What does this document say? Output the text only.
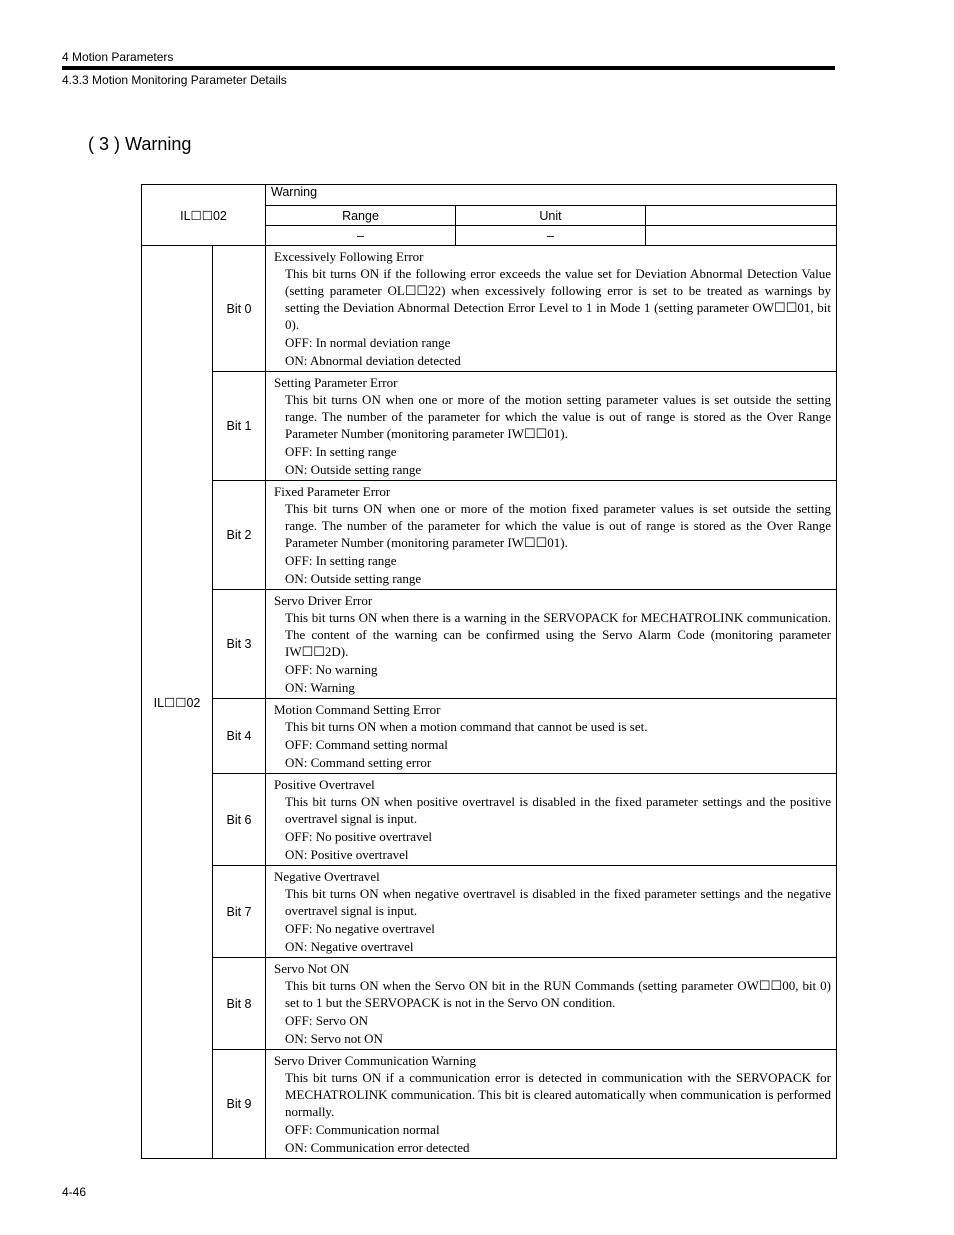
4 Motion Parameters
4.3.3 Motion Monitoring Parameter Details
( 3 ) Warning
IL☐☐02		Warning		
		Range	Unit	
		–	–	
IL☐☐02	Bit 0	Excessively Following Error
This bit turns ON if the following error exceeds the value set for Deviation Abnormal Detection Value (setting parameter OL☐☐22) when excessively following error is set to be treated as warnings by setting the Deviation Abnormal Detection Error Level to 1 in Mode 1 (setting parameter OW☐☐01, bit 0).
OFF: In normal deviation range
ON: Abnormal deviation detected		

	Bit 1	Setting Parameter Error
This bit turns ON when one or more of the motion setting parameter values is set outside the setting range. The number of the parameter for which the value is out of range is stored as the Over Range Parameter Number (monitoring parameter IW☐☐01).
OFF: In setting range
ON: Outside setting range		

	Bit 2	Fixed Parameter Error
This bit turns ON when one or more of the motion fixed parameter values is set outside the setting range. The number of the parameter for which the value is out of range is stored as the Over Range Parameter Number (monitoring parameter IW☐☐01).
OFF: In setting range
ON: Outside setting range		

	Bit 3	Servo Driver Error
This bit turns ON when there is a warning in the SERVOPACK for MECHATROLINK communication. The content of the warning can be confirmed using the Servo Alarm Code (monitoring parameter IW☐☐2D).
OFF: No warning
ON: Warning		

	Bit 4	Motion Command Setting Error
This bit turns ON when a motion command that cannot be used is set.
OFF: Command setting normal
ON: Command setting error		

	Bit 6	Positive Overtravel
This bit turns ON when positive overtravel is disabled in the fixed parameter settings and the positive overtravel signal is input.
OFF: No positive overtravel
ON: Positive overtravel		

	Bit 7	Negative Overtravel
This bit turns ON when negative overtravel is disabled in the fixed parameter settings and the negative overtravel signal is input.
OFF: No negative overtravel
ON: Negative overtravel		

	Bit 8	Servo Not ON
This bit turns ON when the Servo ON bit in the RUN Commands (setting parameter OW☐☐00, bit 0) set to 1 but the SERVOPACK is not in the Servo ON condition.
OFF: Servo ON
ON: Servo not ON		

	Bit 9	Servo Driver Communication Warning
This bit turns ON if a communication error is detected in communication with the SERVOPACK for MECHATROLINK communication. This bit is cleared automatically when communication is performed normally.
OFF: Communication normal
ON: Communication error detected		
4-46
